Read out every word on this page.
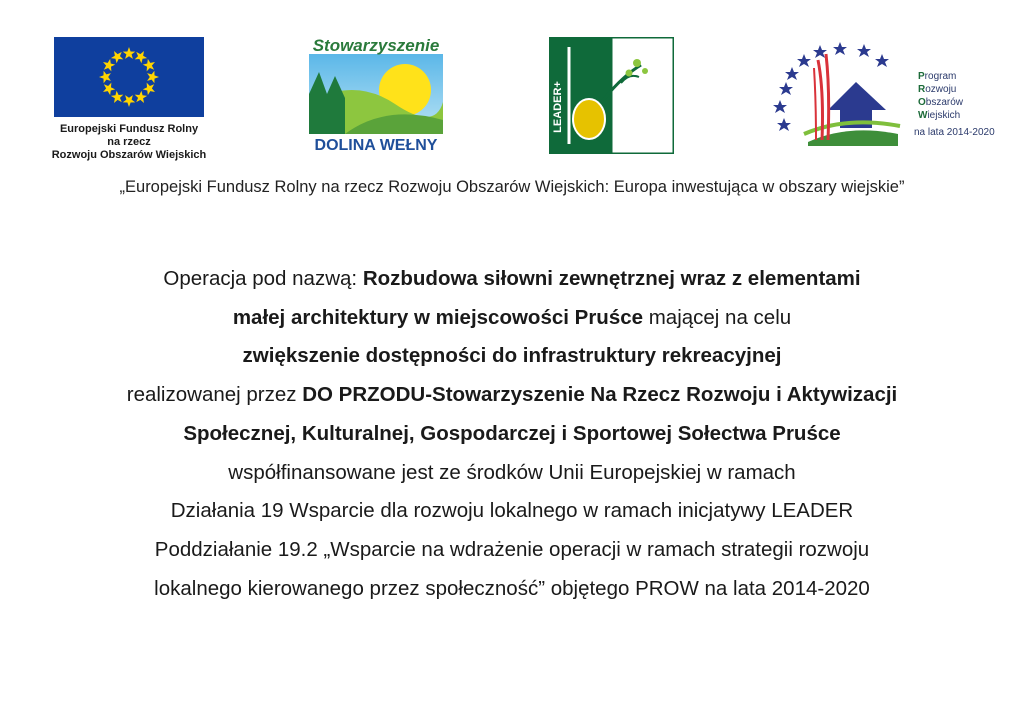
Europejski Fundusz Rolny
na rzecz
Rozwoju Obszarów Wiejskich
Stowarzyszenie
DOLINA WEŁNY
LEADER+
Program
Rozwoju
Obszarów
Wiejskich
na lata 2014-2020
„Europejski Fundusz Rolny na rzecz Rozwoju Obszarów Wiejskich: Europa inwestująca w obszary wiejskie”
Operacja pod nazwą: Rozbudowa siłowni zewnętrznej wraz z elementami
małej architektury w miejscowości Pruśce mającej na celu
zwiększenie dostępności do infrastruktury rekreacyjnej
realizowanej przez DO PRZODU-Stowarzyszenie Na Rzecz Rozwoju i Aktywizacji
Społecznej, Kulturalnej, Gospodarczej i Sportowej Sołectwa Pruśce
współfinansowane jest ze środków Unii Europejskiej w ramach
Działania 19 Wsparcie dla rozwoju lokalnego w ramach inicjatywy LEADER
Poddziałanie 19.2 „Wsparcie na wdrażenie operacji w ramach strategii rozwoju
lokalnego kierowanego przez społeczność” objętego PROW na lata 2014-2020
